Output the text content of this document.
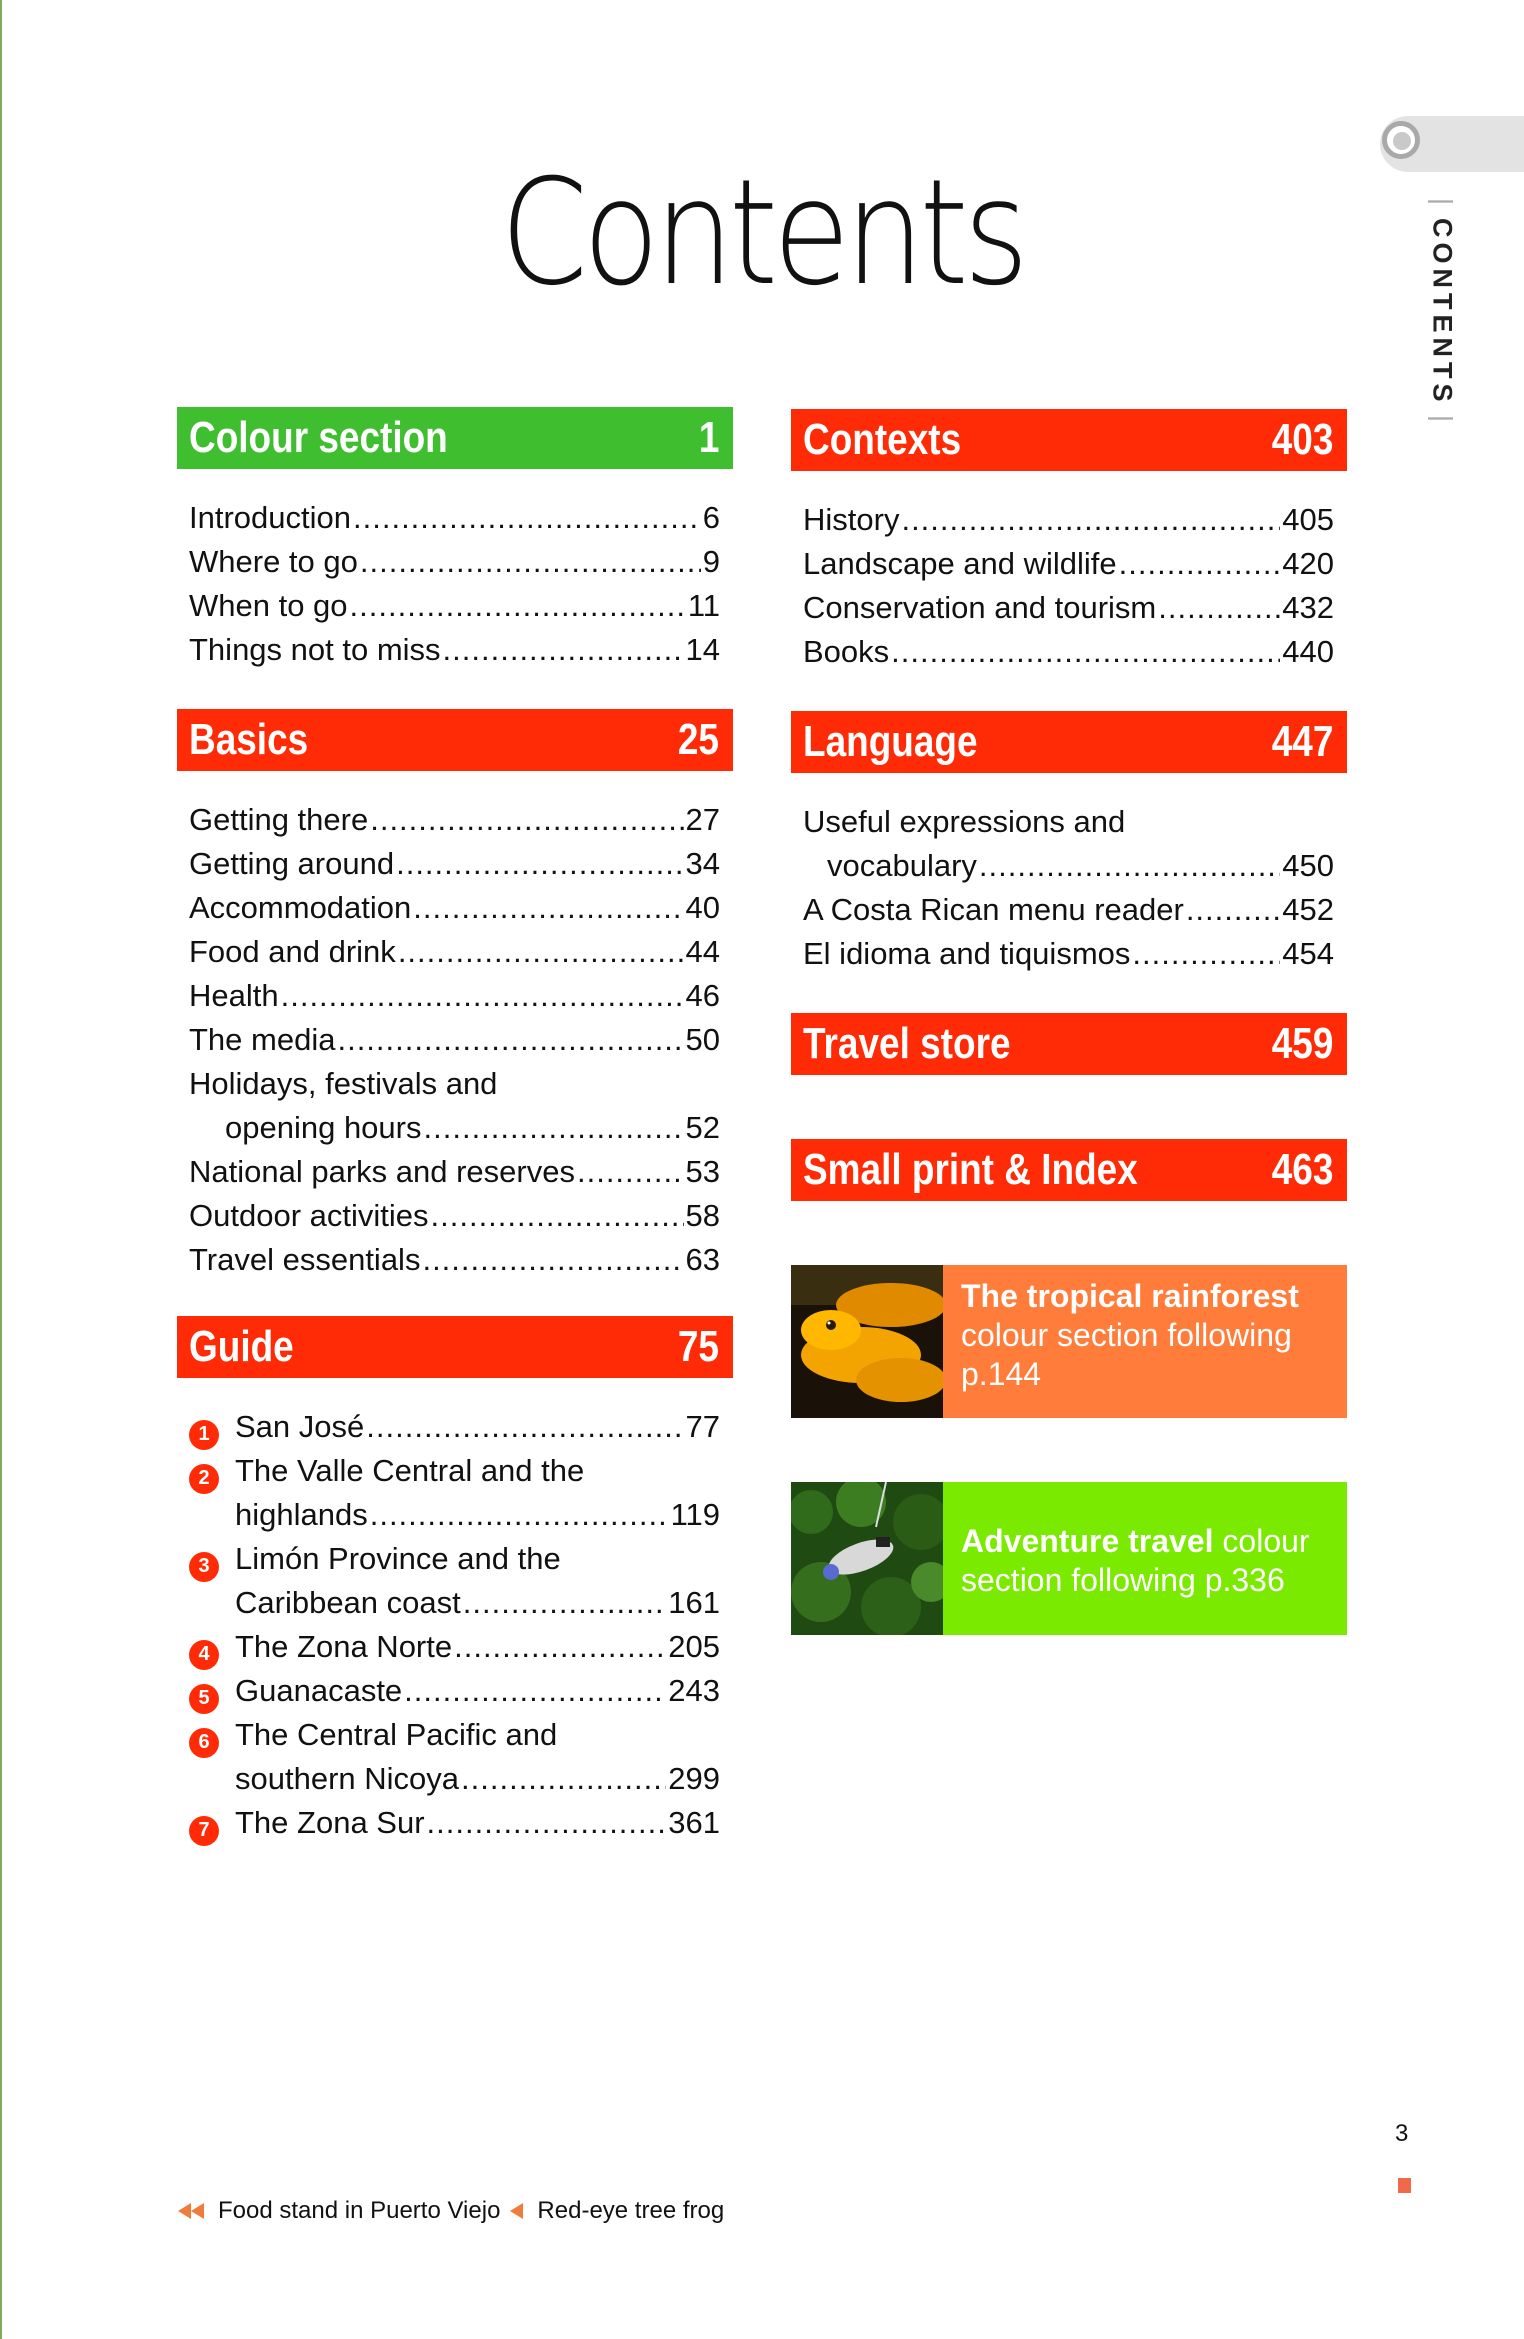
Contents	|
CONTENTS
|
Colour section	1
Introduction .....	6
Where to go .....	9
When to go .....	11
Things not to miss .....	14
Basics	25
Getting there .....	27
Getting around .....	34
Accommodation .....	40
Food and drink .....	44
Health .....	46
The media .....	50
Holidays, festivals and
opening hours .....	52
National parks and reserves .....	53
Outdoor activities .....	58
Travel essentials .....	63
Guide	75
1 San José .....	77
2 The Valle Central and the
highlands .....	119
3 Limón Province and the
Caribbean coast .....	161
4 The Zona Norte .....	205
5 Guanacaste .....	243
6 The Central Pacific and
southern Nicoya .....	299
7 The Zona Sur .....	361
Contexts	403
History .....	405
Landscape and wildlife .....	420
Conservation and tourism .....	432
Books .....	440
Language	447
Useful expressions and
vocabulary .....	450
A Costa Rican menu reader .....	452
El idioma and tiquismos .....	454
Travel store	459
Small print & Index	463
The tropical rainforest colour section following p.144
Adventure travel colour section following p.336
3
Food stand in Puerto Viejo Red-eye tree frog
